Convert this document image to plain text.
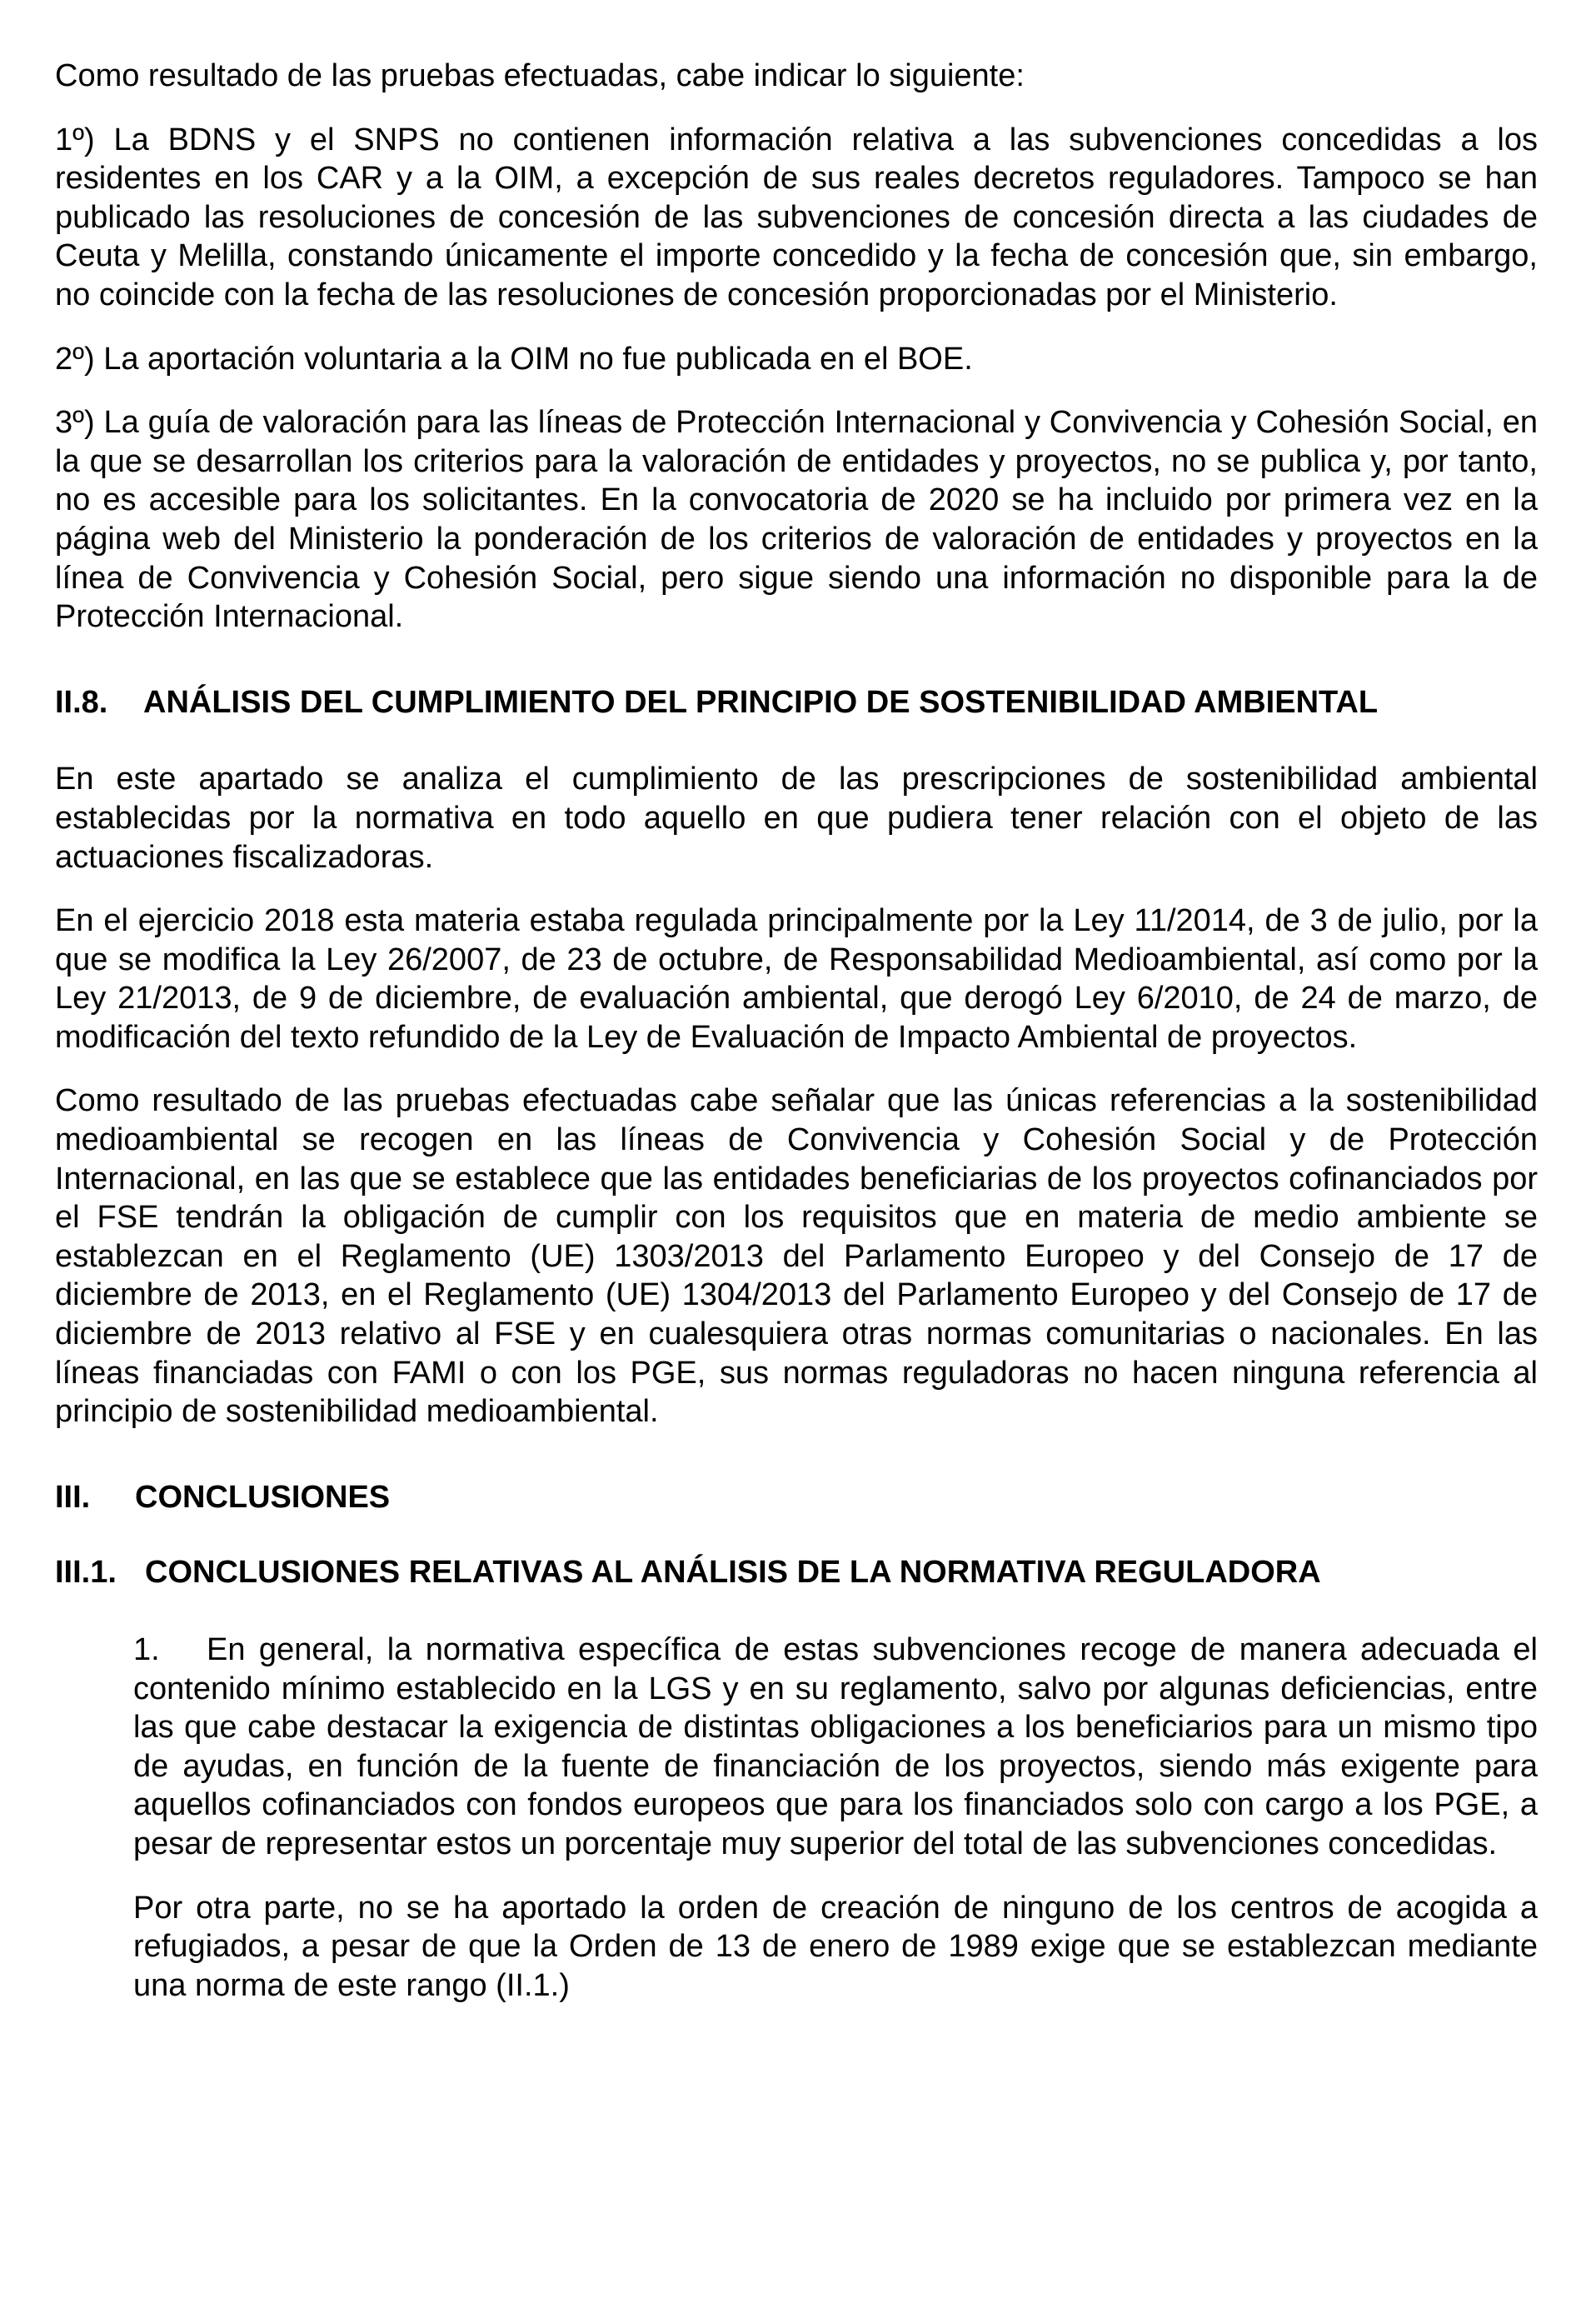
Como resultado de las pruebas efectuadas, cabe indicar lo siguiente:

1º) La BDNS y el SNPS no contienen información relativa a las subvenciones concedidas a los residentes en los CAR y a la OIM, a excepción de sus reales decretos reguladores. Tampoco se han publicado las resoluciones de concesión de las subvenciones de concesión directa a las ciudades de Ceuta y Melilla, constando únicamente el importe concedido y la fecha de concesión que, sin embargo, no coincide con la fecha de las resoluciones de concesión proporcionadas por el Ministerio.

2º) La aportación voluntaria a la OIM no fue publicada en el BOE.

3º) La guía de valoración para las líneas de Protección Internacional y Convivencia y Cohesión Social, en la que se desarrollan los criterios para la valoración de entidades y proyectos, no se publica y, por tanto, no es accesible para los solicitantes. En la convocatoria de 2020 se ha incluido por primera vez en la página web del Ministerio la ponderación de los criterios de valoración de entidades y proyectos en la línea de Convivencia y Cohesión Social, pero sigue siendo una información no disponible para la de Protección Internacional.

II.8.	ANÁLISIS DEL CUMPLIMIENTO DEL PRINCIPIO DE SOSTENIBILIDAD AMBIENTAL

En este apartado se analiza el cumplimiento de las prescripciones de sostenibilidad ambiental establecidas por la normativa en todo aquello en que pudiera tener relación con el objeto de las actuaciones fiscalizadoras.

En el ejercicio 2018 esta materia estaba regulada principalmente por la Ley 11/2014, de 3 de julio, por la que se modifica la Ley 26/2007, de 23 de octubre, de Responsabilidad Medioambiental, así como por la Ley 21/2013, de 9 de diciembre, de evaluación ambiental, que derogó Ley 6/2010, de 24 de marzo, de modificación del texto refundido de la Ley de Evaluación de Impacto Ambiental de proyectos.

Como resultado de las pruebas efectuadas cabe señalar que las únicas referencias a la sostenibilidad medioambiental se recogen en las líneas de Convivencia y Cohesión Social y de Protección Internacional, en las que se establece que las entidades beneficiarias de los proyectos cofinanciados por el FSE tendrán la obligación de cumplir con los requisitos que en materia de medio ambiente se establezcan en el Reglamento (UE) 1303/2013 del Parlamento Europeo y del Consejo de 17 de diciembre de 2013, en el Reglamento (UE) 1304/2013 del Parlamento Europeo y del Consejo de 17 de diciembre de 2013 relativo al FSE y en cualesquiera otras normas comunitarias o nacionales. En las líneas financiadas con FAMI o con los PGE, sus normas reguladoras no hacen ninguna referencia al principio de sostenibilidad medioambiental.

III.	CONCLUSIONES
III.1. CONCLUSIONES RELATIVAS AL ANÁLISIS DE LA NORMATIVA REGULADORA

1. En general, la normativa específica de estas subvenciones recoge de manera adecuada el contenido mínimo establecido en la LGS y en su reglamento, salvo por algunas deficiencias, entre las que cabe destacar la exigencia de distintas obligaciones a los beneficiarios para un mismo tipo de ayudas, en función de la fuente de financiación de los proyectos, siendo más exigente para aquellos cofinanciados con fondos europeos que para los financiados solo con cargo a los PGE, a pesar de representar estos un porcentaje muy superior del total de las subvenciones concedidas.

Por otra parte, no se ha aportado la orden de creación de ninguno de los centros de acogida a refugiados, a pesar de que la Orden de 13 de enero de 1989 exige que se establezcan mediante una norma de este rango (II.1.)
